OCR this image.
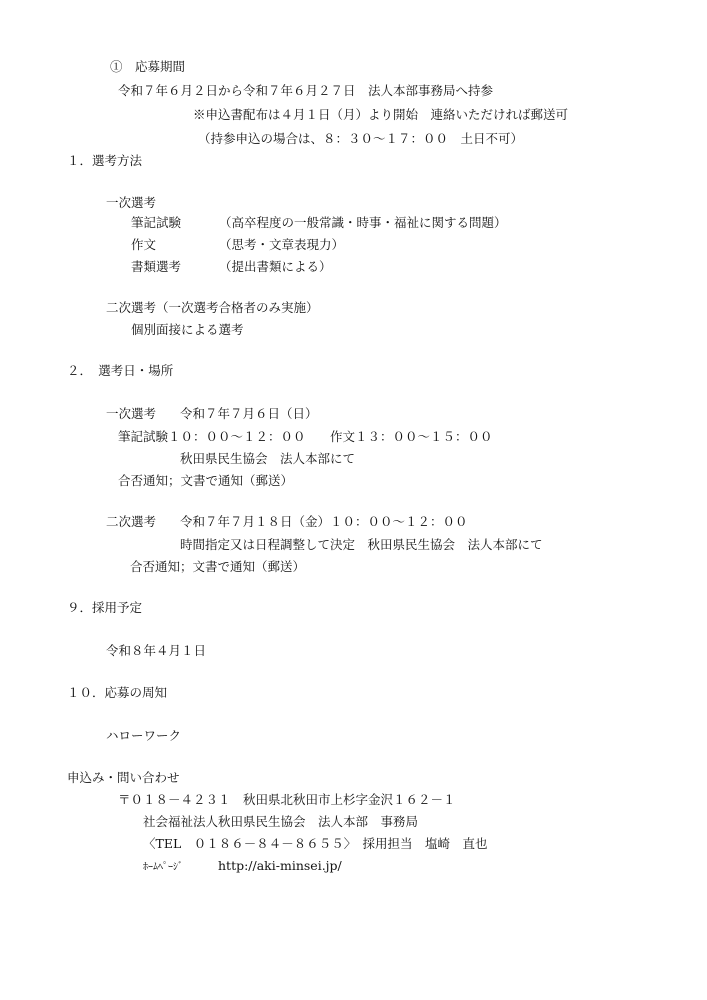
①　応募期間
令和７年６月２日から令和７年６月２７日　法人本部事務局へ持参
※申込書配布は４月１日（月）より開始　連絡いただければ郵送可
（持参申込の場合は、８：３０～１７：００　土日不可）
１．選考方法
一次選考
筆記試験	（高卒程度の一般常識・時事・福祉に関する問題）
作文	（思考・文章表現力）
書類選考	（提出書類による）
二次選考（一次選考合格者のみ実施）
個別面接による選考
２．　選考日・場所
一次選考 令和７年７月６日（日）
筆記試験１０：００～１２：００ 作文１３：００～１５：００
秋田県民生協会　法人本部にて
合否通知；文書で通知（郵送）
二次選考 令和７年７月１８日（金）１０：００～１２：００
時間指定又は日程調整して決定　秋田県民生協会　法人本部にて
合否通知；文書で通知（郵送）
９．採用予定
令和８年４月１日
１０．応募の周知
ハローワーク
申込み・問い合わせ
〒０１８－４２３１　秋田県北秋田市上杉字金沢１６２－１
社会福祉法人秋田県民生協会　法人本部　事務局
〈TEL　０１８６－８４－８６５５〉　採用担当　塩崎　直也
ﾎｰﾑﾍﾟｰｼﾞ	http://aki-minsei.jp/
